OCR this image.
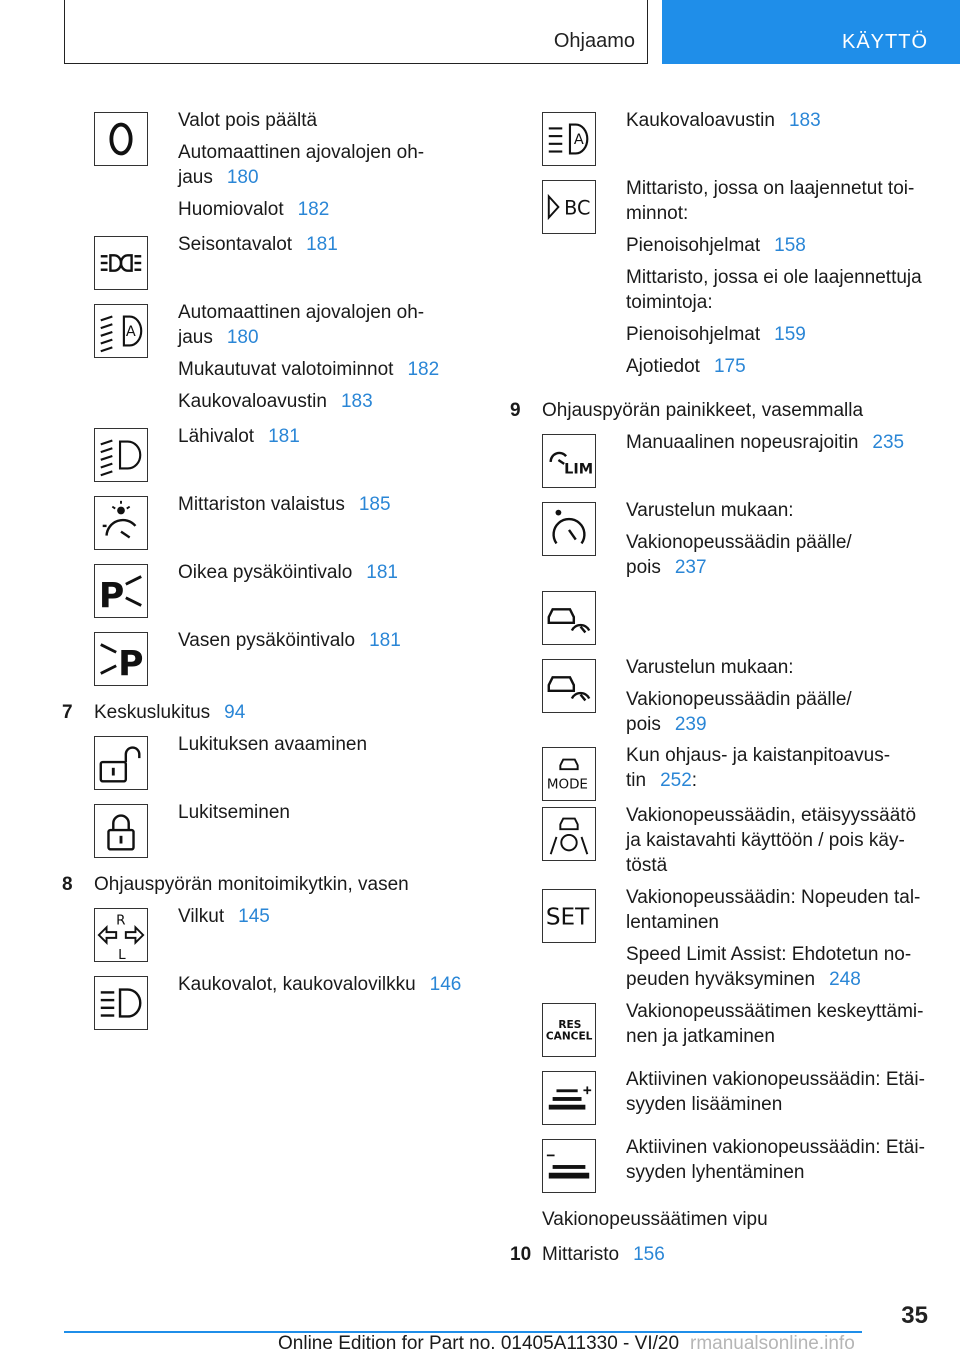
Ohjaamo	KÄYTTÖ
Valot pois päältä
Automaattinen ajovalojen oh-
jaus 180
Huomiovalot 182
Seisontavalot 181
A
Automaattinen ajovalojen oh-
jaus 180
Mukautuvat valotoiminnot 182
Kaukovaloavustin 183
Lähivalot 181
Mittariston valaistus 185
P
Oikea pysäköintivalo 181
P
Vasen pysäköintivalo 181
7 Keskuslukitus 94
Lukituksen avaaminen
Lukitseminen
8 Ohjauspyörän monitoimikytkin, vasen
R
L
Vilkut 145
Kaukovalot, kaukovalovilkku 146
A
Kaukovaloavustin 183
BC
Mittaristo, jossa on laajennetut toi-
minnot:
Pienoisohjelmat 158
Mittaristo, jossa ei ole laajennettuja
toimintoja:
Pienoisohjelmat 159
Ajotiedot 175
9 Ohjauspyörän painikkeet, vasemmalla
LIM
Manuaalinen nopeusrajoitin 235
Varustelun mukaan:
Vakionopeussäädin päälle/
pois 237
Varustelun mukaan:
Vakionopeussäädin päälle/
pois 239
MODE
Kun ohjaus- ja kaistanpitoavus-
tin 252:
Vakionopeussäädin, etäisyyssäätö
ja kaistavahti käyttöön / pois käy-
töstä
SET
Vakionopeussäädin: Nopeuden tal-
lentaminen
Speed Limit Assist: Ehdotetun no-
peuden hyväksyminen 248
RES
CANCEL
Vakionopeussäätimen keskeyttämi-
nen ja jatkaminen
Aktiivinen vakionopeussäädin: Etäi-
syyden lisääminen
Aktiivinen vakionopeussäädin: Etäi-
syyden lyhentäminen
Vakionopeussäätimen vipu
10 Mittaristo 156
35
Online Edition for Part no. 01405A11330 - VI/20 rmanualsonline.info
